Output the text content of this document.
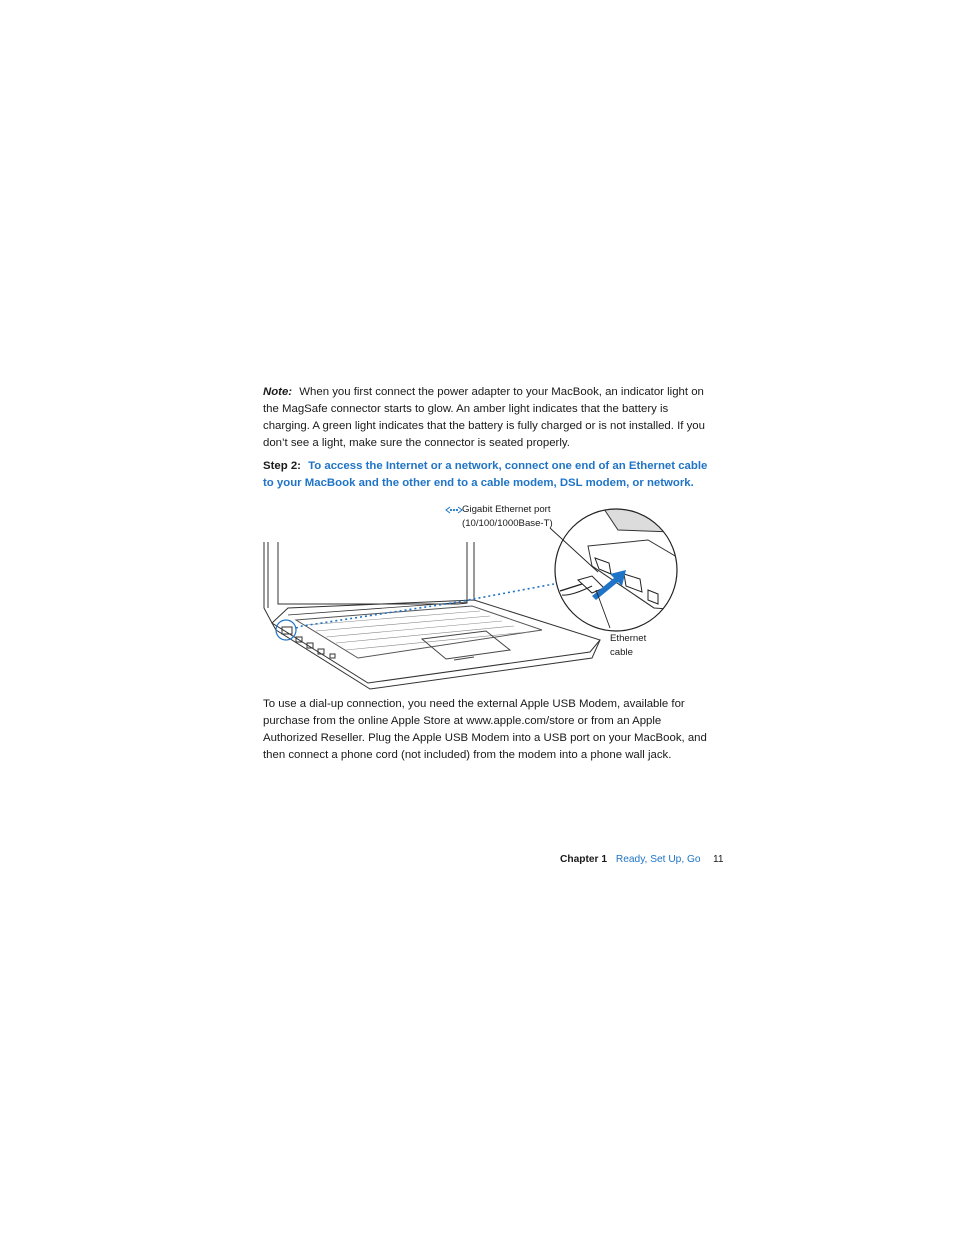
Note: When you first connect the power adapter to your MacBook, an indicator light on the MagSafe connector starts to glow. An amber light indicates that the battery is charging. A green light indicates that the battery is fully charged or is not installed. If you don’t see a light, make sure the connector is seated properly.

Step 2: To access the Internet or a network, connect one end of an Ethernet cable to your MacBook and the other end to a cable modem, DSL modem, or network.

Gigabit Ethernet port
(10/100/1000Base-T)
Ethernet
cable

To use a dial-up connection, you need the external Apple USB Modem, available for purchase from the online Apple Store at www.apple.com/store or from an Apple Authorized Reseller. Plug the Apple USB Modem into a USB port on your MacBook, and then connect a phone cord (not included) from the modem into a phone wall jack.

Chapter 1 Ready, Set Up, Go 11
